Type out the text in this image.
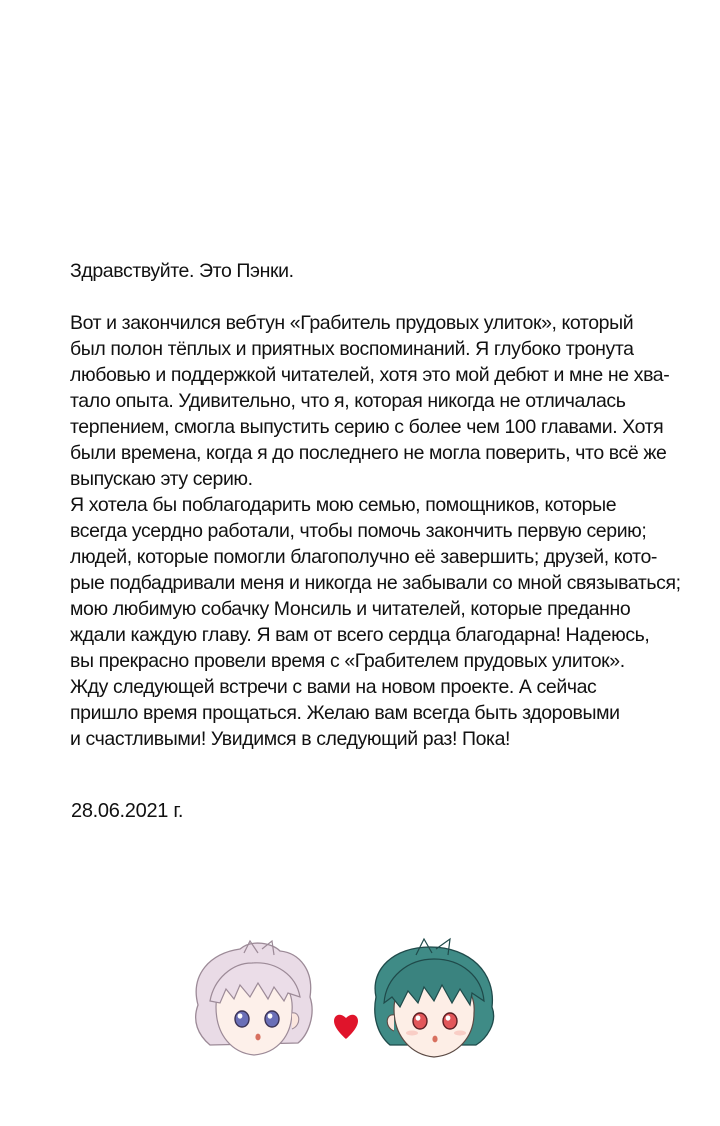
Здравствуйте. Это Пэнки.

Вот и закончился вебтун «Грабитель прудовых улиток», который
был полон тёплых и приятных воспоминаний. Я глубоко тронута
любовью и поддержкой читателей, хотя это мой дебют и мне не хва-
тало опыта. Удивительно, что я, которая никогда не отличалась
терпением, смогла выпустить серию с более чем 100 главами. Хотя
были времена, когда я до последнего не могла поверить, что всё же
выпускаю эту серию.
Я хотела бы поблагодарить мою семью, помощников, которые
всегда усердно работали, чтобы помочь закончить первую серию;
людей, которые помогли благополучно её завершить; друзей, кото-
рые подбадривали меня и никогда не забывали со мной связываться;
мою любимую собачку Монсиль и читателей, которые преданно
ждали каждую главу. Я вам от всего сердца благодарна! Надеюсь,
вы прекрасно провели время с «Грабителем прудовых улиток».
Жду следующей встречи с вами на новом проекте. А сейчас
пришло время прощаться. Желаю вам всегда быть здоровыми
и счастливыми! Увидимся в следующий раз! Пока!
28.06.2021 г.
